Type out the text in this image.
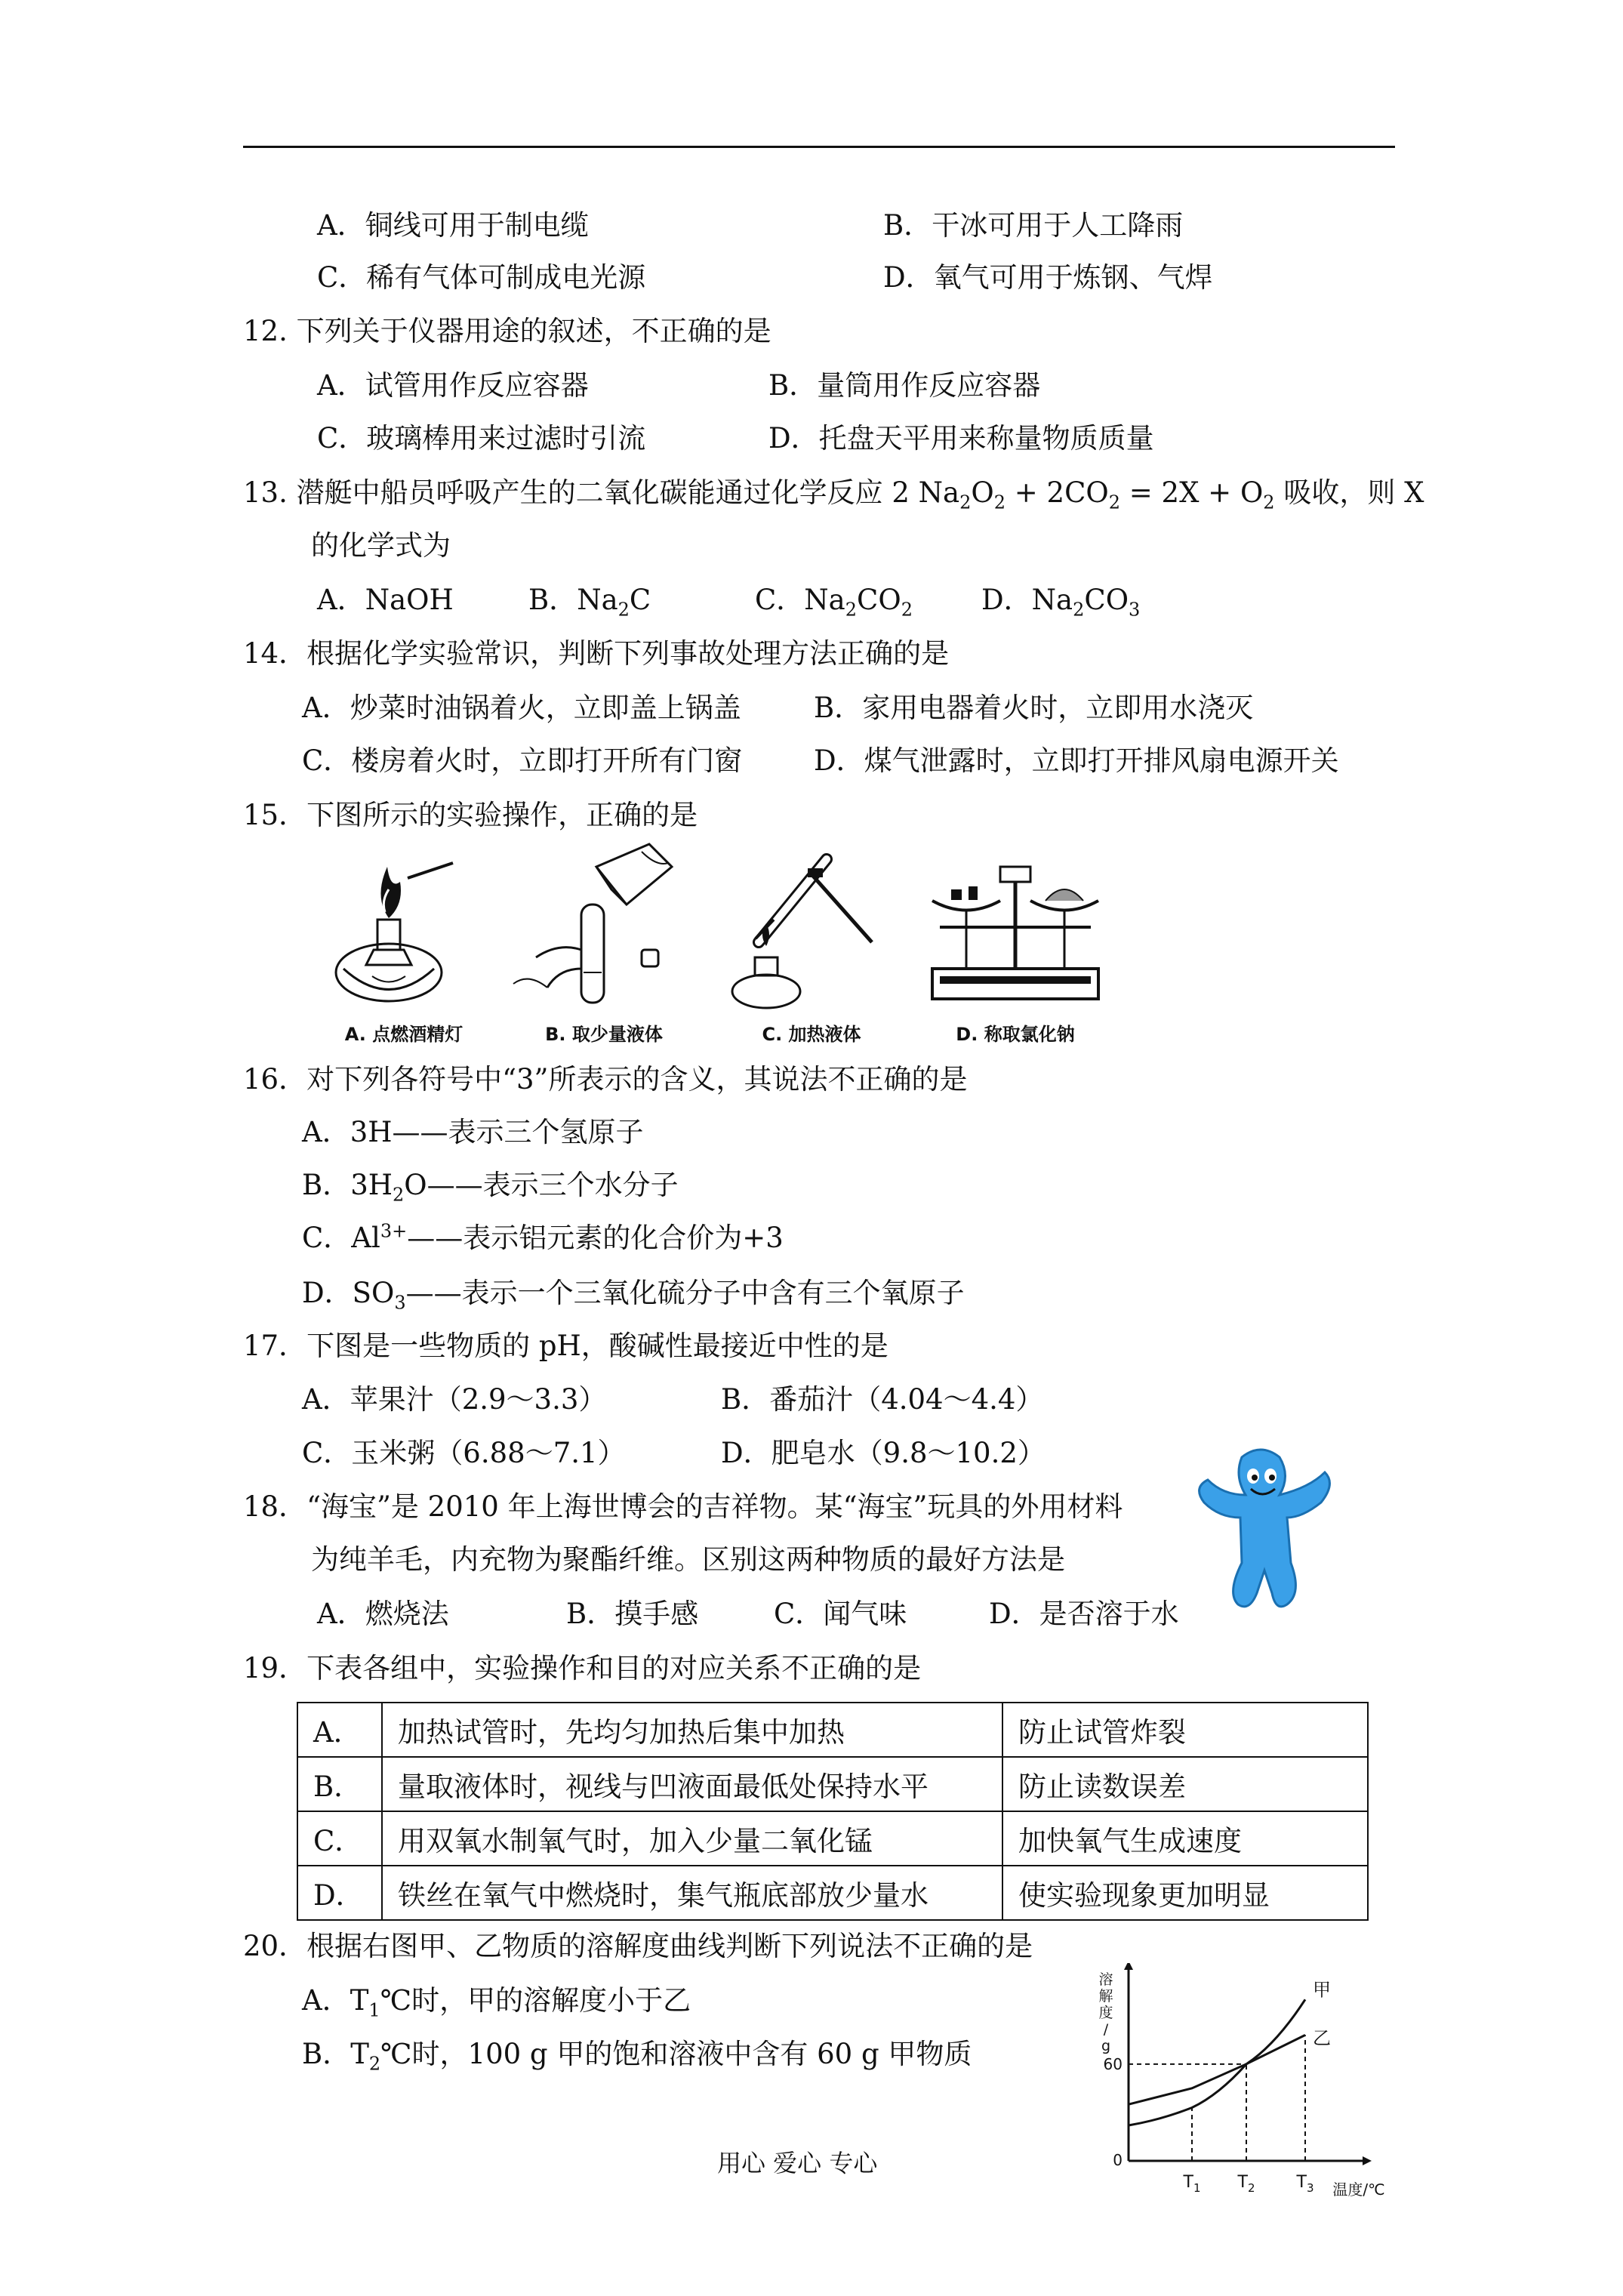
A．铜线可用于制电缆	B．干冰可用于人工降雨
C．稀有气体可制成电光源	D．氧气可用于炼钢、气焊
12. 下列关于仪器用途的叙述，不正确的是
A．试管用作反应容器	B．量筒用作反应容器
C．玻璃棒用来过滤时引流	D．托盘天平用来称量物质质量
13. 潜艇中船员呼吸产生的二氧化碳能通过化学反应 2 $Na_2O_2 + 2CO_2 = 2X + O_2$ 吸收，则 X
的化学式为
A．NaOH	B．$Na_2C$	C．$Na_2CO_2$ D．$Na_2CO_3$
14．根据化学实验常识，判断下列事故处理方法正确的是
A．炒菜时油锅着火，立即盖上锅盖	B．家用电器着火时，立即用水浇灭
C．楼房着火时，立即打开所有门窗	D．煤气泄露时，立即打开排风扇电源开关
15．下图所示的实验操作，正确的是
A. 点燃酒精灯	B. 取少量液体	C. 加热液体	D. 称取氯化钠
16．对下列各符号中“3”所表示的含义，其说法不正确的是
A．3H——表示三个氢原子
B．$3H_2O——$表示三个水分子
C．$Al^{3+}——$表示铝元素的化合价为+3
D．$SO_3——$表示一个三氧化硫分子中含有三个氧原子
17．下图是一些物质的 pH，酸碱性最接近中性的是
A．苹果汁（2.9～3.3）	B．番茄汁（4.04～4.4）
C．玉米粥（6.88～7.1）	D．肥皂水（9.8～10.2）
18．“海宝”是 2010 年上海世博会的吉祥物。某“海宝”玩具的外用材料
为纯羊毛，内充物为聚酯纤维。区别这两种物质的最好方法是
A．燃烧法	B．摸手感	C．闻气味	D．是否溶于水
19．下表各组中，实验操作和目的对应关系不正确的是
A．	加热试管时，先均匀加热后集中加热	防止试管炸裂
B．	量取液体时，视线与凹液面最低处保持水平	防止读数误差
C．	用双氧水制氧气时，加入少量二氧化锰	加快氧气生成速度
D．	铁丝在氧气中燃烧时，集气瓶底部放少量水	使实验现象更加明显
20．根据右图甲、乙物质的溶解度曲线判断下列说法不正确的是
A．$T_1℃$时，甲的溶解度小于乙
B．$T_2℃$时，100 g 甲的饱和溶液中含有 60 g 甲物质
溶
解
度
/
g
温度/℃
0
60
$T_1$ $T_2$	$T_3$
甲
乙
用心 爱心 专心
